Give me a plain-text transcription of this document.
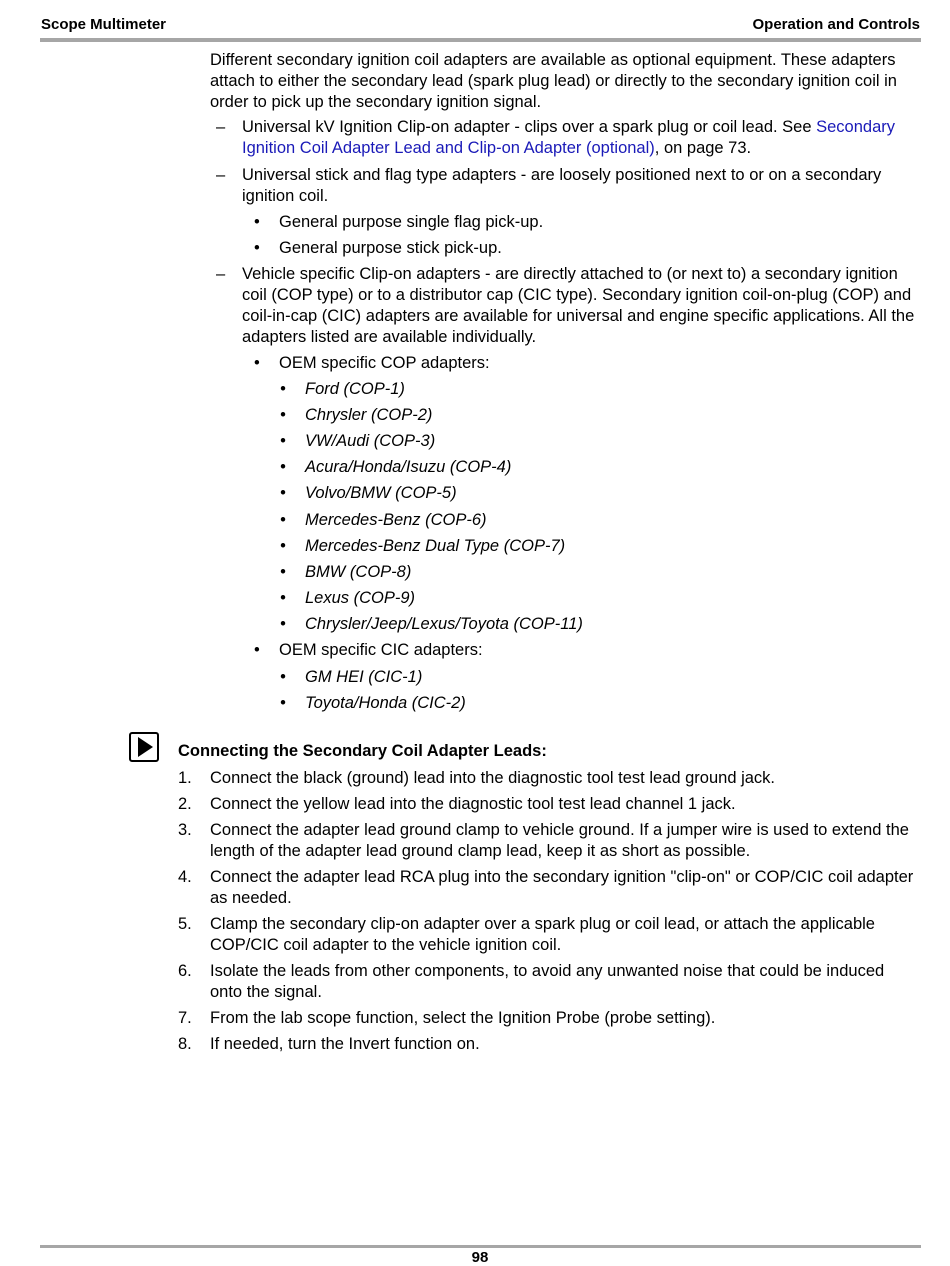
Scope Multimeter	Operation and Controls
Different secondary ignition coil adapters are available as optional equipment. These adapters attach to either the secondary lead (spark plug lead) or directly to the secondary ignition coil in order to pick up the secondary ignition signal.
– Universal kV Ignition Clip-on adapter - clips over a spark plug or coil lead. See Secondary Ignition Coil Adapter Lead and Clip-on Adapter (optional), on page 73.
– Universal stick and flag type adapters - are loosely positioned next to or on a secondary ignition coil.
• General purpose single flag pick-up.
• General purpose stick pick-up.
– Vehicle specific Clip-on adapters - are directly attached to (or next to) a secondary ignition coil (COP type) or to a distributor cap (CIC type). Secondary ignition coil-on-plug (COP) and coil-in-cap (CIC) adapters are available for universal and engine specific applications. All the adapters listed are available individually.
• OEM specific COP adapters:
• Ford (COP-1)
• Chrysler (COP-2)
• VW/Audi (COP-3)
• Acura/Honda/Isuzu (COP-4)
• Volvo/BMW (COP-5)
• Mercedes-Benz (COP-6)
• Mercedes-Benz Dual Type (COP-7)
• BMW (COP-8)
• Lexus (COP-9)
• Chrysler/Jeep/Lexus/Toyota (COP-11)
• OEM specific CIC adapters:
• GM HEI (CIC-1)
• Toyota/Honda (CIC-2)
Connecting the Secondary Coil Adapter Leads:
1. Connect the black (ground) lead into the diagnostic tool test lead ground jack.
2. Connect the yellow lead into the diagnostic tool test lead channel 1 jack.
3. Connect the adapter lead ground clamp to vehicle ground. If a jumper wire is used to extend the length of the adapter lead ground clamp lead, keep it as short as possible.
4. Connect the adapter lead RCA plug into the secondary ignition "clip-on" or COP/CIC coil adapter as needed.
5. Clamp the secondary clip-on adapter over a spark plug or coil lead, or attach the applicable COP/CIC coil adapter to the vehicle ignition coil.
6. Isolate the leads from other components, to avoid any unwanted noise that could be induced onto the signal.
7. From the lab scope function, select the Ignition Probe (probe setting).
8. If needed, turn the Invert function on.
98
